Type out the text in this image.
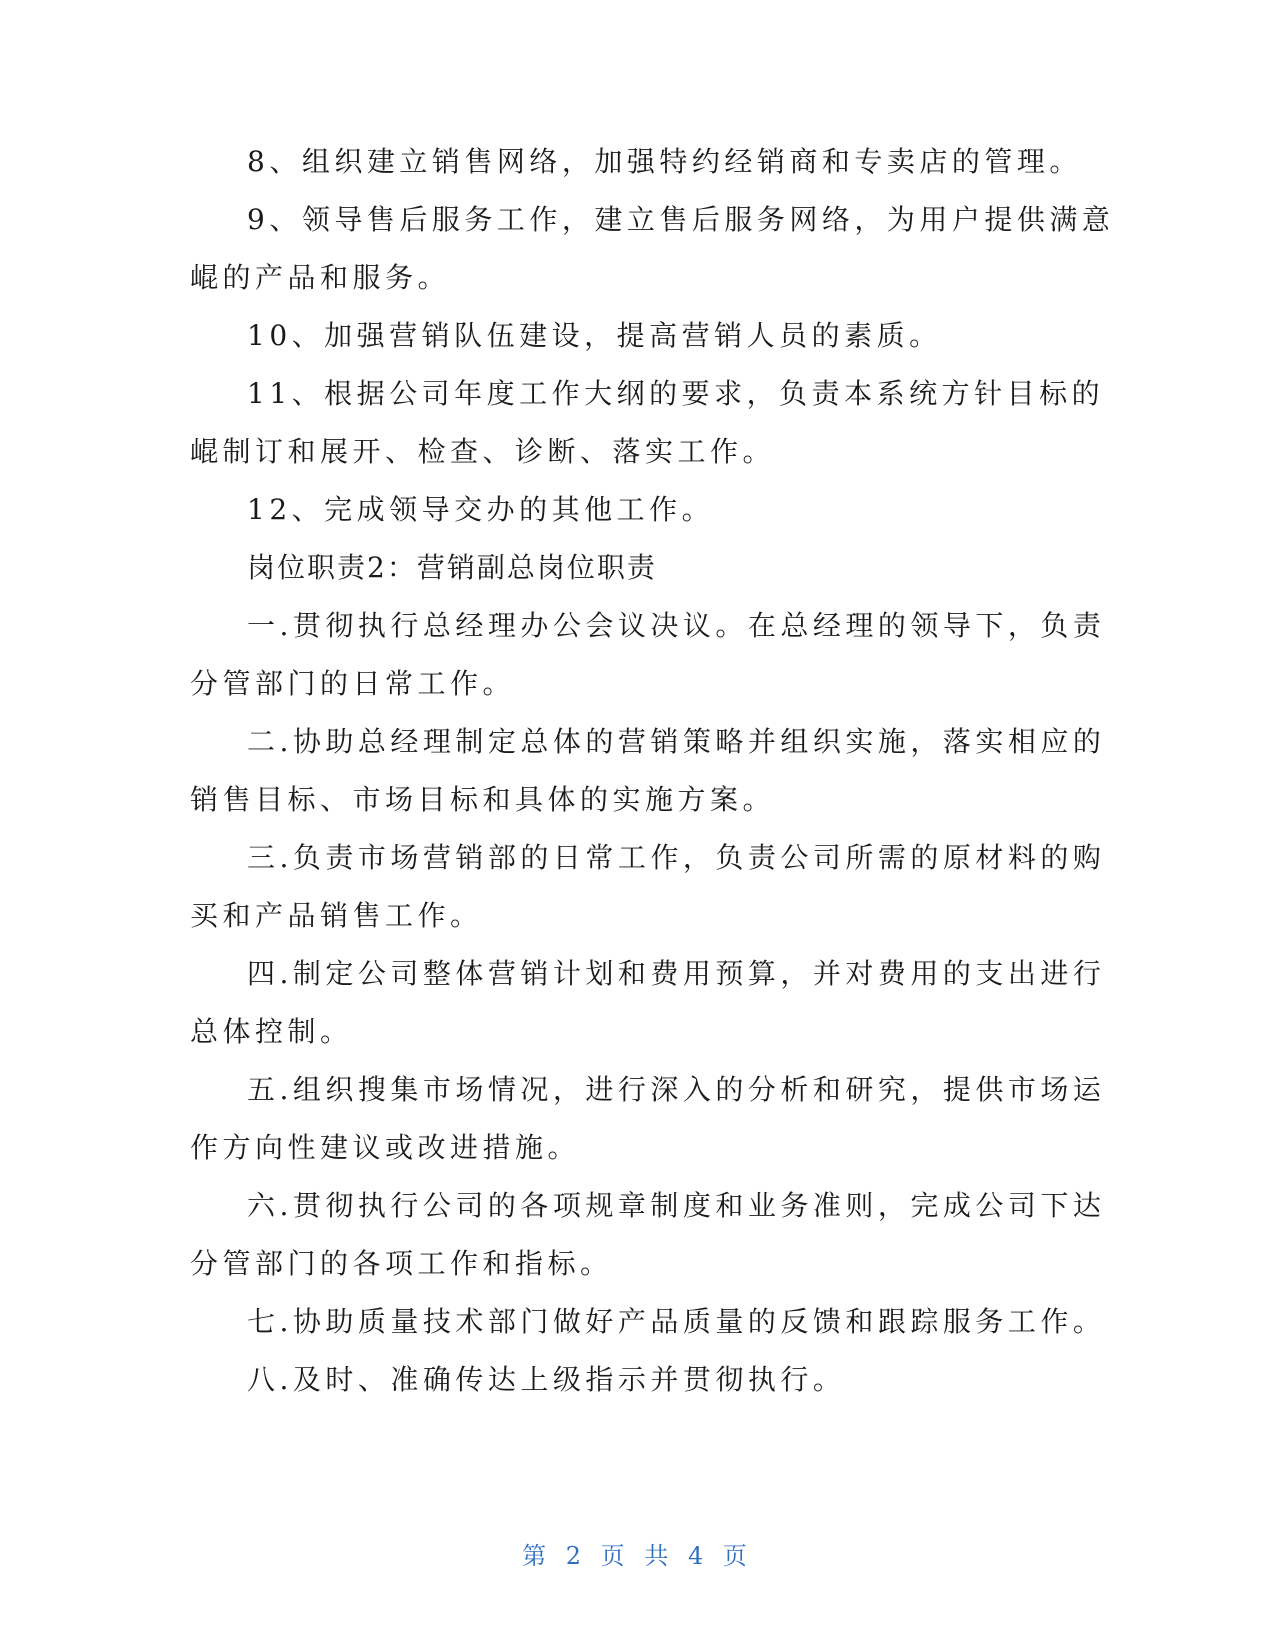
8、组织建立销售网络，加强特约经销商和专卖店的管理。
9、领导售后服务工作，建立售后服务网络，为用户提供满意
崐的产品和服务。
10、加强营销队伍建设，提高营销人员的素质。
11、根据公司年度工作大纲的要求，负责本系统方针目标的
崐制订和展开、检查、诊断、落实工作。
12、完成领导交办的其他工作。
岗位职责2：营销副总岗位职责
一.贯彻执行总经理办公会议决议。在总经理的领导下，负责
分管部门的日常工作。
二.协助总经理制定总体的营销策略并组织实施，落实相应的
销售目标、市场目标和具体的实施方案。
三.负责市场营销部的日常工作，负责公司所需的原材料的购
买和产品销售工作。
四.制定公司整体营销计划和费用预算，并对费用的支出进行
总体控制。
五.组织搜集市场情况，进行深入的分析和研究，提供市场运
作方向性建议或改进措施。
六.贯彻执行公司的各项规章制度和业务准则，完成公司下达
分管部门的各项工作和指标。
七.协助质量技术部门做好产品质量的反馈和跟踪服务工作。
八.及时、准确传达上级指示并贯彻执行。
第 2 页 共 4 页
